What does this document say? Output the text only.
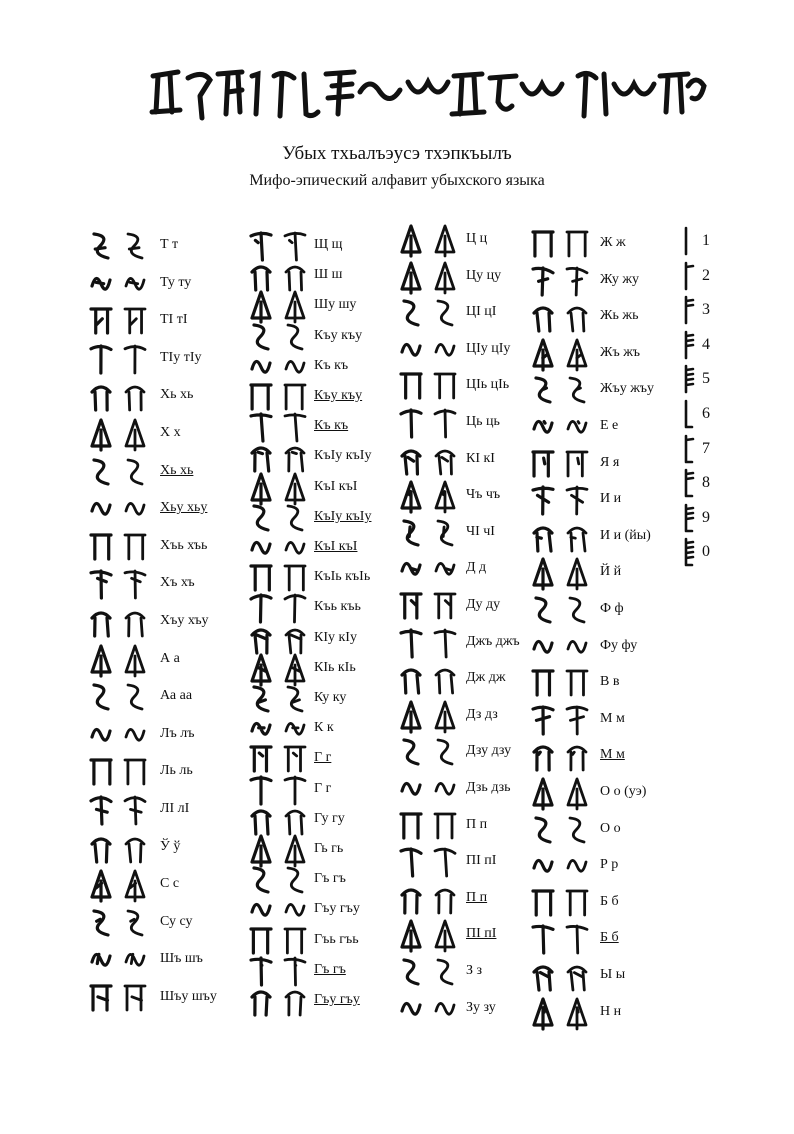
Убых тхьалъэусэ тхэпкъылъ
Мифо-эпический алфавит убыхского языка
Т т
Ту ту
ТI тI
ТIу тIу
Хь хь
Х х
Хь хь
Хьу хьу
Хъь хъь
Хъ хъ
Хъу хъу
А а
Аа аа
Лъ лъ
Ль ль
ЛI лI
Ў ў
С с
Су су
Шъ шъ
Шъу шъу
Щ щ
Ш ш
Шу шу
Къу къу
Къ къ
Къу къу
Къ къ
КъIу къIу
КъI къI
КъIу къIу
КъI къI
КъIь къIь
Къь къь
КIу кIу
КIь кIь
Ку ку
К к
Г г
Г г
Гу гу
Гь гь
Гъ гъ
Гъу гъу
Гъь гъь
Гъ гъ
Гъу гъу
Ц ц
Цу цу
ЦI цI
ЦIу цIу
ЦIь цIь
Ць ць
КI кI
Чъ чъ
ЧI чI
Д д
Ду ду
Джъ джъ
Дж дж
Дз дз
Дзу дзу
Дзь дзь
П п
ПI пI
П п
ПI пI
З з
Зу зу
Ж ж
Жу жу
Жь жь
Жъ жъ
Жъу жъу
Е е
Я я
И и
И и (йы)
Й й
Ф ф
Фу фу
В в
М м
М м
О о (уэ)
О о
Р р
Б б
Б б
Ы ы
Н н
1
2
3
4
5
6
7
8
9
0
